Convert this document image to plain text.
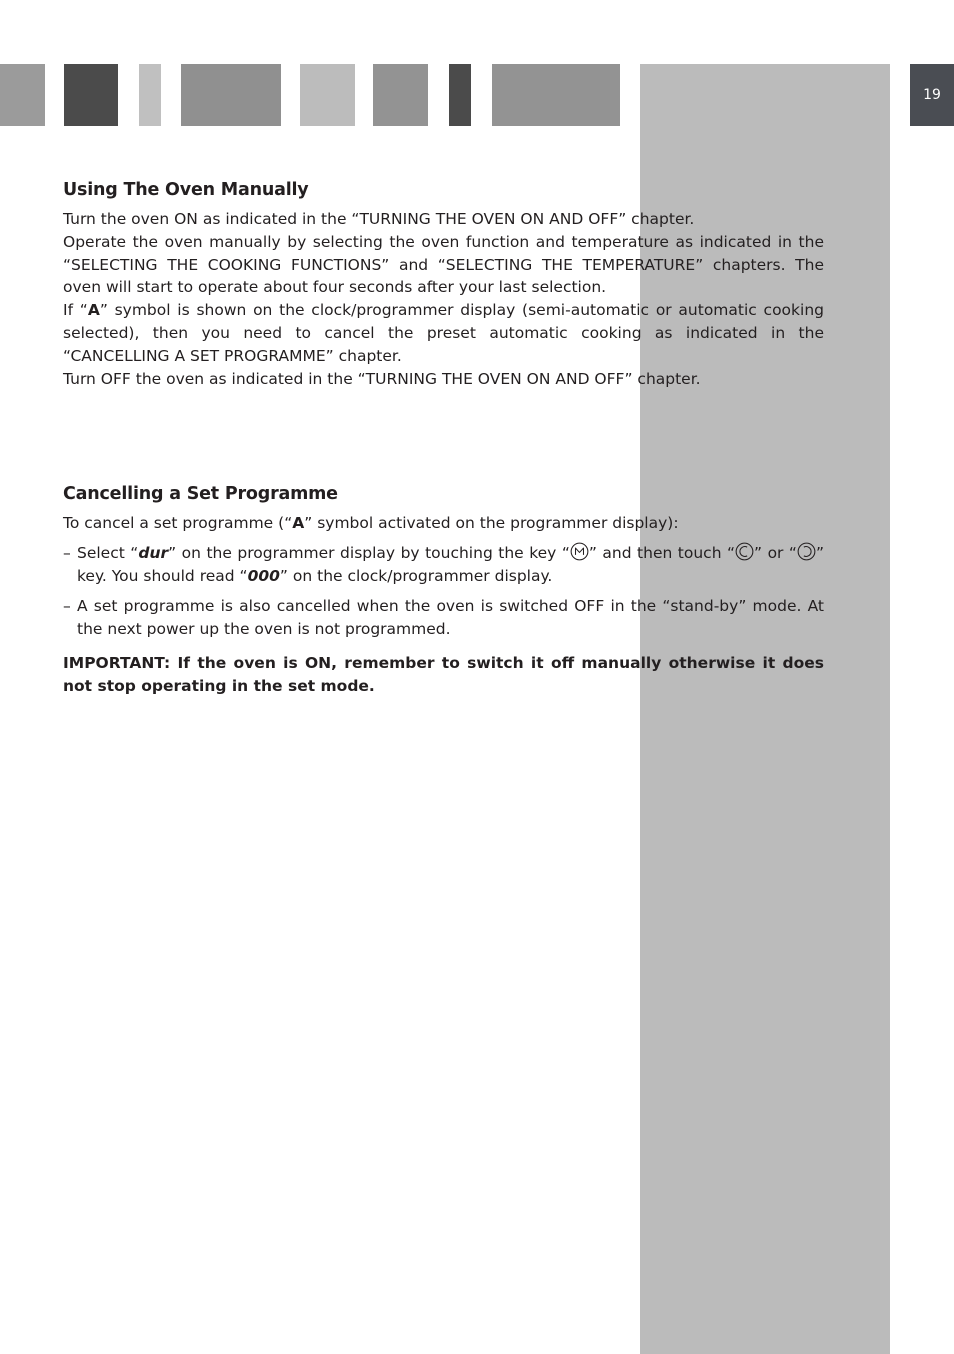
19
Using The Oven Manually

Turn the oven ON as indicated in the “TURNING THE OVEN ON AND OFF” chapter.

Operate the oven manually by selecting the oven function and temperature as indicated in the “SELECTING THE COOKING FUNCTIONS” and “SELECTING THE TEMPERATURE” chapters. The oven will start to operate about four seconds after your last selection.

If “A” symbol is shown on the clock/programmer display (semi-automatic or automatic cooking selected), then you need to cancel the preset automatic cooking as indicated in the “CANCELLING A SET PROGRAMME” chapter.

Turn OFF the oven as indicated in the “TURNING THE OVEN ON AND OFF” chapter.

Cancelling a Set Programme

To cancel a set programme (“A” symbol activated on the programmer display):

– Select “dur” on the programmer display by touching the key “ ” and then touch “ ” or “ ” key. You should read “000” on the clock/programmer display.

– A set programme is also cancelled when the oven is switched OFF in the “stand-by” mode. At the next power up the oven is not programmed.

IMPORTANT: If the oven is ON, remember to switch it off manually otherwise it does not stop operating in the set mode.
